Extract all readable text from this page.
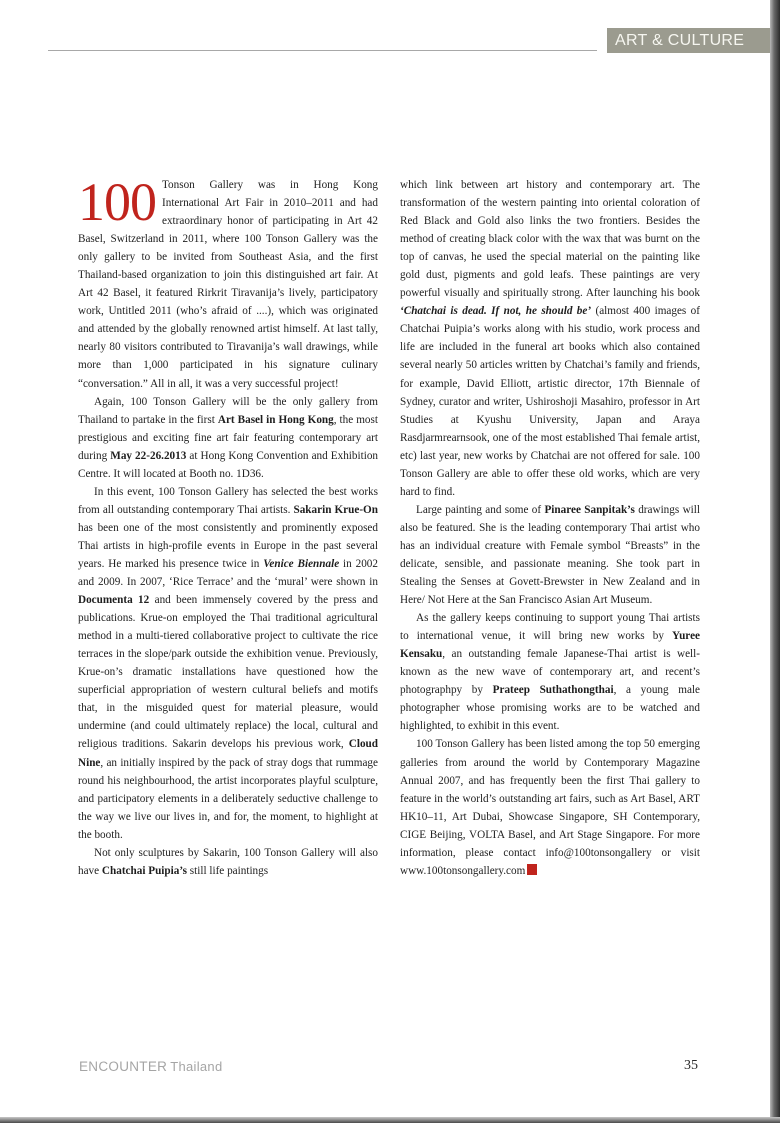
ART & CULTURE
100 Tonson Gallery was in Hong Kong International Art Fair in 2010–2011 and had extraordinary honor of participating in Art 42 Basel, Switzerland in 2011, where 100 Tonson Gallery was the only gallery to be invited from Southeast Asia, and the first Thailand-based organization to join this distinguished art fair. At Art 42 Basel, it featured Rirkrit Tiravanija’s lively, participatory work, Untitled 2011 (who’s afraid of ....), which was originated and attended by the globally renowned artist himself. At last tally, nearly 80 visitors contributed to Tiravanija’s wall drawings, while more than 1,000 participated in his signature culinary “conversation.” All in all, it was a very successful project!

Again, 100 Tonson Gallery will be the only gallery from Thailand to partake in the first Art Basel in Hong Kong, the most prestigious and exciting fine art fair featuring contemporary art during May 22-26.2013 at Hong Kong Convention and Exhibition Centre. It will located at Booth no. 1D36.

In this event, 100 Tonson Gallery has selected the best works from all outstanding contemporary Thai artists. Sakarin Krue-On has been one of the most consistently and prominently exposed Thai artists in high-profile events in Europe in the past several years. He marked his presence twice in Venice Biennale in 2002 and 2009. In 2007, ‘Rice Terrace’ and the ‘mural’ were shown in Documenta 12 and been immensely covered by the press and publications. Krue-on employed the Thai traditional agricultural method in a multi-tiered collaborative project to cultivate the rice terraces in the slope/park outside the exhibition venue. Previously, Krue-on’s dramatic installations have questioned how the superficial appropriation of western cultural beliefs and motifs that, in the misguided quest for material pleasure, would undermine (and could ultimately replace) the local, cultural and religious traditions. Sakarin develops his previous work, Cloud Nine, an initially inspired by the pack of stray dogs that rummage round his neighbourhood, the artist incorporates playful sculpture, and participatory elements in a deliberately seductive challenge to the way we live our lives in, and for, the moment, to highlight at the booth.

Not only sculptures by Sakarin, 100 Tonson Gallery will also have Chatchai Puipia’s still life paintings

which link between art history and contemporary art. The transformation of the western painting into oriental coloration of Red Black and Gold also links the two frontiers. Besides the method of creating black color with the wax that was burnt on the top of canvas, he used the special material on the painting like gold dust, pigments and gold leafs. These paintings are very powerful visually and spiritually strong. After launching his book ‘Chatchai is dead. If not, he should be’ (almost 400 images of Chatchai Puipia’s works along with his studio, work process and life are included in the funeral art books which also contained several nearly 50 articles written by Chatchai’s family and friends, for example, David Elliott, artistic director, 17th Biennale of Sydney, curator and writer, Ushiroshoji Masahiro, professor in Art Studies at Kyushu University, Japan and Araya Rasdjarmrearnsook, one of the most established Thai female artist, etc) last year, new works by Chatchai are not offered for sale. 100 Tonson Gallery are able to offer these old works, which are very hard to find.

Large painting and some of Pinaree Sanpitak’s drawings will also be featured. She is the leading contemporary Thai artist who has an individual creature with Female symbol “Breasts” in the delicate, sensible, and passionate meaning. She took part in Stealing the Senses at Govett-Brewster in New Zealand and in Here/ Not Here at the San Francisco Asian Art Museum.

As the gallery keeps continuing to support young Thai artists to international venue, it will bring new works by Yuree Kensaku, an outstanding female Japanese-Thai artist is well-known as the new wave of contemporary art, and recent’s photographpy by Prateep Suthathongthai, a young male photographer whose promising works are to be watched and highlighted, to exhibit in this event.

100 Tonson Gallery has been listed among the top 50 emerging galleries from around the world by Contemporary Magazine Annual 2007, and has frequently been the first Thai gallery to feature in the world’s outstanding art fairs, such as Art Basel, ART HK10–11, Art Dubai, Showcase Singapore, SH Contemporary, CIGE Beijing, VOLTA Basel, and Art Stage Singapore. For more information, please contact info@100tonsongallery or visit www.100tonsongallery.com

ENCOUNTER Thailand	35
